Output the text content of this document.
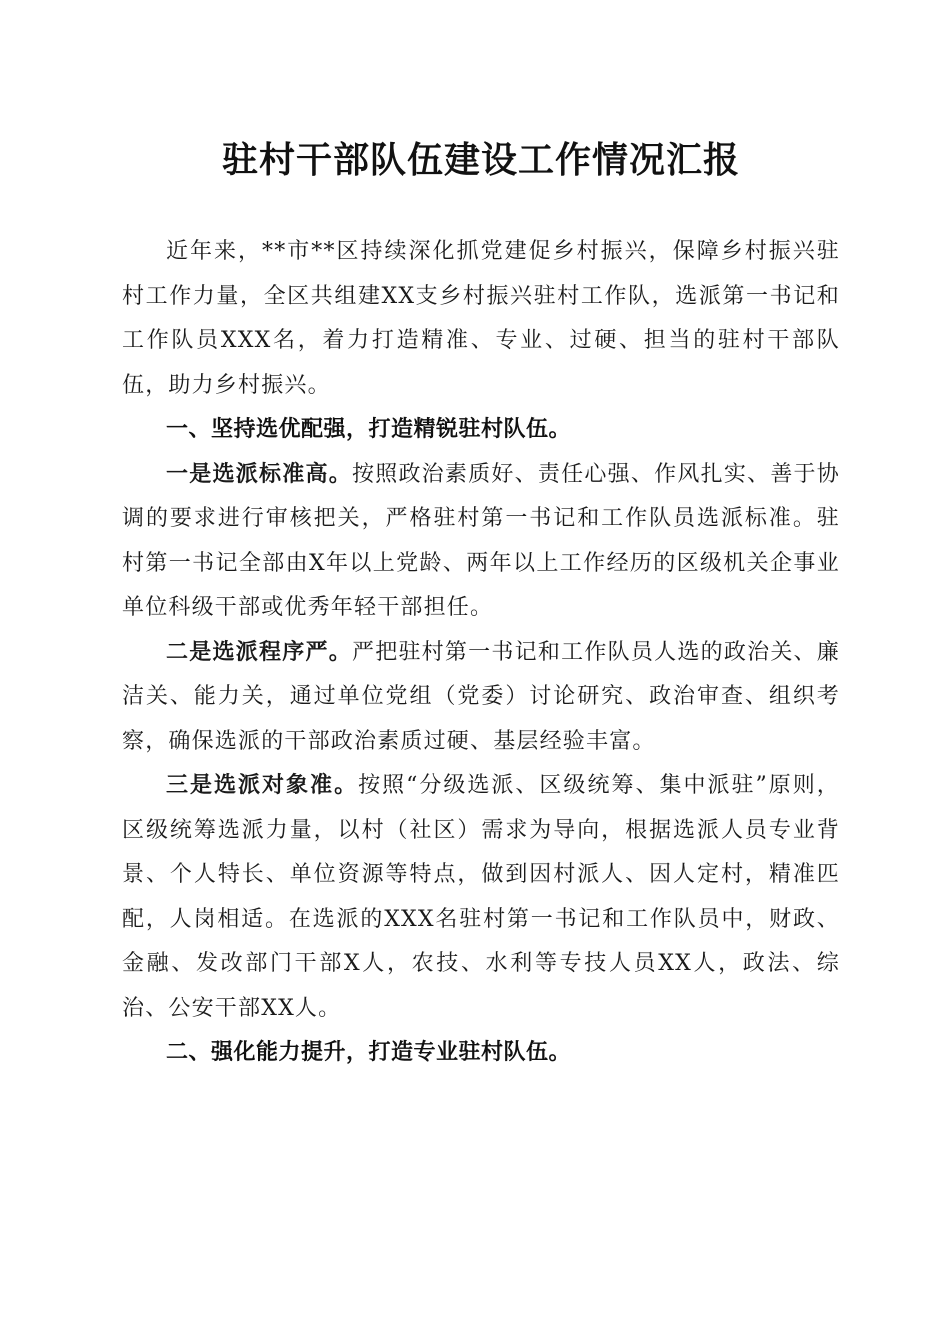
驻村干部队伍建设工作情况汇报

近年来，**市**区持续深化抓党建促乡村振兴，保障乡村振兴驻村工作力量，全区共组建XX支乡村振兴驻村工作队，选派第一书记和工作队员XXX名，着力打造精准、专业、过硬、担当的驻村干部队伍，助力乡村振兴。

一、坚持选优配强，打造精锐驻村队伍。

一是选派标准高。按照政治素质好、责任心强、作风扎实、善于协调的要求进行审核把关，严格驻村第一书记和工作队员选派标准。驻村第一书记全部由X年以上党龄、两年以上工作经历的区级机关企事业单位科级干部或优秀年轻干部担任。

二是选派程序严。严把驻村第一书记和工作队员人选的政治关、廉洁关、能力关，通过单位党组（党委）讨论研究、政治审查、组织考察，确保选派的干部政治素质过硬、基层经验丰富。

三是选派对象准。按照“分级选派、区级统筹、集中派驻”原则，区级统筹选派力量，以村（社区）需求为导向，根据选派人员专业背景、个人特长、单位资源等特点，做到因村派人、因人定村，精准匹配，人岗相适。在选派的XXX名驻村第一书记和工作队员中，财政、金融、发改部门干部X人，农技、水利等专技人员XX人，政法、综治、公安干部XX人。

二、强化能力提升，打造专业驻村队伍。
